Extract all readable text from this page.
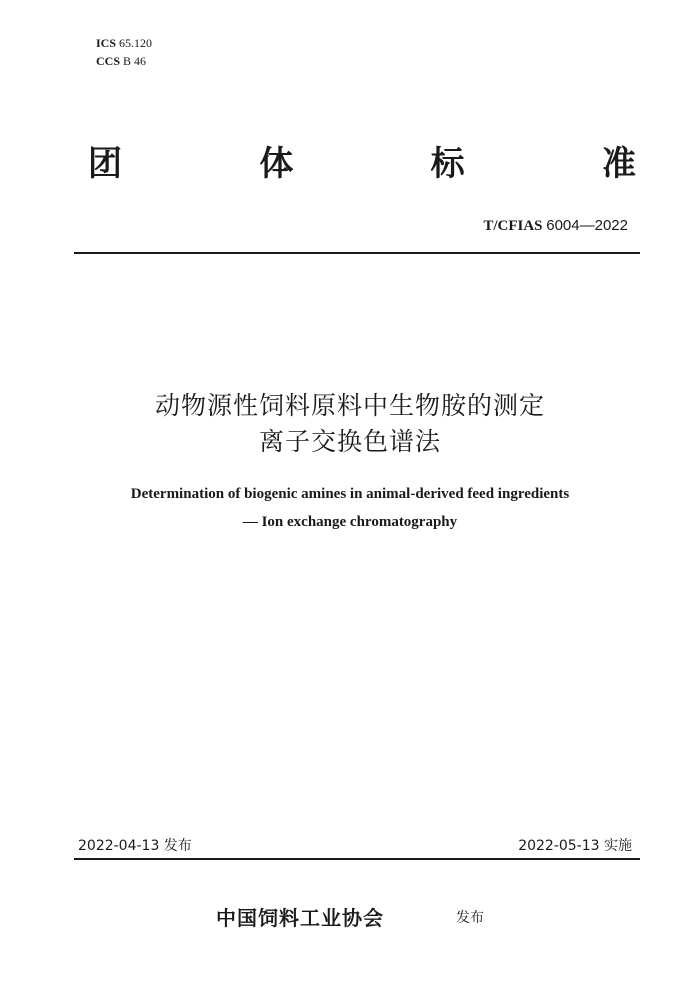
ICS 65.120
CCS B 46
团	体	标	准
T/CFIAS 6004—2022
动物源性饲料原料中生物胺的测定
离子交换色谱法
Determination of biogenic amines in animal-derived feed ingredients
— Ion exchange chromatography
2022-04-13 发布	2022-05-13 实施
中国饲料工业协会	发布
